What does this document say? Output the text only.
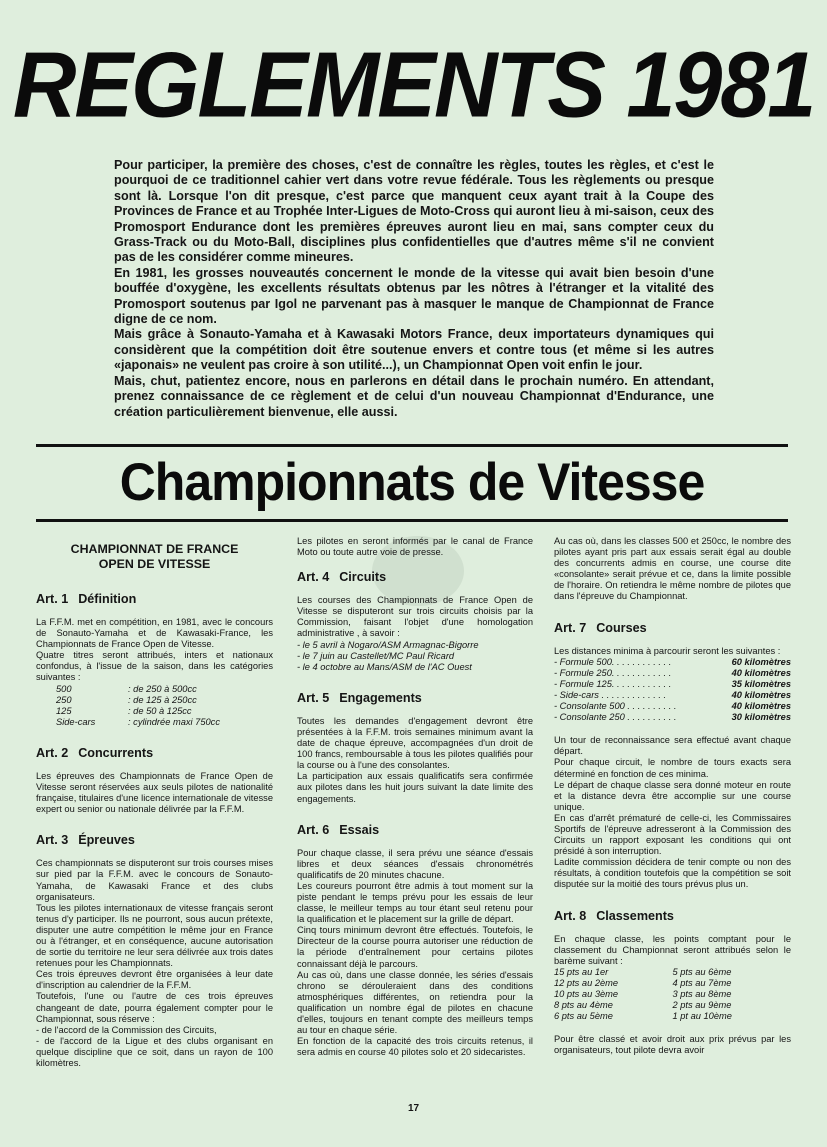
REGLEMENTS 1981

Pour participer, la première des choses, c'est de connaître les règles, toutes les règles, et c'est le pourquoi de ce traditionnel cahier vert dans votre revue fédérale. Tous les règlements ou presque sont là. Lorsque l'on dit presque, c'est parce que manquent ceux ayant trait à la Coupe des Provinces de France et au Trophée Inter-Ligues de Moto-Cross qui auront lieu à mi-saison, ceux des Promosport Endurance dont les premières épreuves auront lieu en mai, sans compter ceux du Grass-Track ou du Moto-Ball, disciplines plus confidentielles que d'autres même s'il ne convient pas de les considérer comme mineures.

En 1981, les grosses nouveautés concernent le monde de la vitesse qui avait bien besoin d'une bouffée d'oxygène, les excellents résultats obtenus par les nôtres à l'étranger et la vitalité des Promosport soutenus par Igol ne parvenant pas à masquer le manque de Championnat de France digne de ce nom.

Mais grâce à Sonauto-Yamaha et à Kawasaki Motors France, deux importateurs dynamiques qui considèrent que la compétition doit être soutenue envers et contre tous (et même si les autres «japonais» ne veulent pas croire à son utilité...), un Championnat Open voit enfin le jour.

Mais, chut, patientez encore, nous en parlerons en détail dans le prochain numéro. En attendant, prenez connaissance de ce règlement et de celui d'un nouveau Championnat d'Endurance, une création particulièrement bienvenue, elle aussi.

Championnats de Vitesse
CHAMPIONNAT DE FRANCE
OPEN DE VITESSE
Art. 1 Définition

La F.F.M. met en compétition, en 1981, avec le concours de Sonauto-Yamaha et de Kawasaki-France, les Championnats de France Open de Vitesse.

Quatre titres seront attribués, inters et nationaux confondus, à l'issue de la saison, dans les catégories suivantes :

500	: de 250 à 500cc
250	: de 125 à 250cc
125	: de 50 à 125cc
Side-cars	: cylindrée maxi 750cc
Art. 2 Concurrents

Les épreuves des Championnats de France Open de Vitesse seront réservées aux seuls pilotes de nationalité française, titulaires d'une licence internationale de vitesse expert ou senior ou nationale délivrée par la F.F.M.

Art. 3 Épreuves

Ces championnats se disputeront sur trois courses mises sur pied par la F.F.M. avec le concours de Sonauto-Yamaha, de Kawasaki France et des clubs organisateurs.

Tous les pilotes internationaux de vitesse français seront tenus d'y participer. Ils ne pourront, sous aucun prétexte, disputer une autre compétition le même jour en France ou à l'étranger, et en conséquence, aucune autorisation de sortie du territoire ne leur sera délivrée aux trois dates retenues pour les Championnats.

Ces trois épreuves devront être organisées à leur date d'inscription au calendrier de la F.F.M.

Toutefois, l'une ou l'autre de ces trois épreuves changeant de date, pourra également compter pour le Championnat, sous réserve :

- de l'accord de la Commission des Circuits,

- de l'accord de la Ligue et des clubs organisant en quelque discipline que ce soit, dans un rayon de 100 kilomètres.

Les pilotes en seront informés par le canal de France Moto ou toute autre voie de presse.

Art. 4 Circuits

Les courses des Championnats de France Open de Vitesse se disputeront sur trois circuits choisis par la Commission, faisant l'objet d'une homologation administrative , à savoir :

- le 5 avril à Nogaro/ASM Armagnac-Bigorre

- le 7 juin au Castellet/MC Paul Ricard

- le 4 octobre au Mans/ASM de l'AC Ouest

Art. 5 Engagements

Toutes les demandes d'engagement devront être présentées à la F.F.M. trois semaines minimum avant la date de chaque épreuve, accompagnées d'un droit de 100 francs, remboursable à tous les pilotes qualifiés pour la course ou à l'une des consolantes.

La participation aux essais qualificatifs sera confirmée aux pilotes dans les huit jours suivant la date limite des engagements.

Art. 6 Essais

Pour chaque classe, il sera prévu une séance d'essais libres et deux séances d'essais chronométrés qualificatifs de 20 minutes chacune.

Les coureurs pourront être admis à tout moment sur la piste pendant le temps prévu pour les essais de leur classe, le meilleur temps au tour étant seul retenu pour la qualification et le placement sur la grille de départ.

Cinq tours minimum devront être effectués. Toutefois, le Directeur de la course pourra autoriser une réduction de la période d'entraînement pour certains pilotes connaissant déjà le parcours.

Au cas où, dans une classe donnée, les séries d'essais chrono se dérouleraient dans des conditions atmosphériques différentes, on retiendra pour la qualification un nombre égal de pilotes en chacune d'elles, toujours en tenant compte des meilleurs temps au tour en chaque série.

En fonction de la capacité des trois circuits retenus, il sera admis en course 40 pilotes solo et 20 sidecaristes.

Au cas où, dans les classes 500 et 250cc, le nombre des pilotes ayant pris part aux essais serait égal au double des concurrents admis en course, une course dite «consolante» serait prévue et ce, dans la limite possible de l'horaire. On retiendra le même nombre de pilotes que dans l'épreuve du Championnat.

Art. 7 Courses

Les distances minima à parcourir seront les suivantes :

- Formule 500. . . . . . . . . . . .	60 kilomètres
- Formule 250. . . . . . . . . . . .	40 kilomètres
- Formule 125. . . . . . . . . . . .	35 kilomètres
- Side-cars . . . . . . . . . . . . .	40 kilomètres
- Consolante 500 . . . . . . . . . .	40 kilomètres
- Consolante 250 . . . . . . . . . .	30 kilomètres

Un tour de reconnaissance sera effectué avant chaque départ.

Pour chaque circuit, le nombre de tours exacts sera déterminé en fonction de ces minima.

Le départ de chaque classe sera donné moteur en route et la distance devra être accomplie sur une course unique.

En cas d'arrêt prématuré de celle-ci, les Commissaires Sportifs de l'épreuve adresseront à la Commission des Circuits un rapport exposant les conditions qui ont présidé à son interruption.

Ladite commission décidera de tenir compte ou non des résultats, à condition toutefois que la compétition se soit disputée sur la moitié des tours prévus plus un.

Art. 8 Classements

En chaque classe, les points comptant pour le classement du Championnat seront attribués selon le barème suivant :

15 pts au 1er	5 pts au 6ème
12 pts au 2ème	4 pts au 7ème
10 pts au 3ème	3 pts au 8ème
8 pts au 4ème	2 pts au 9ème
6 pts au 5ème	1 pt au 10ème

Pour être classé et avoir droit aux prix prévus par les organisateurs, tout pilote devra avoir

17
